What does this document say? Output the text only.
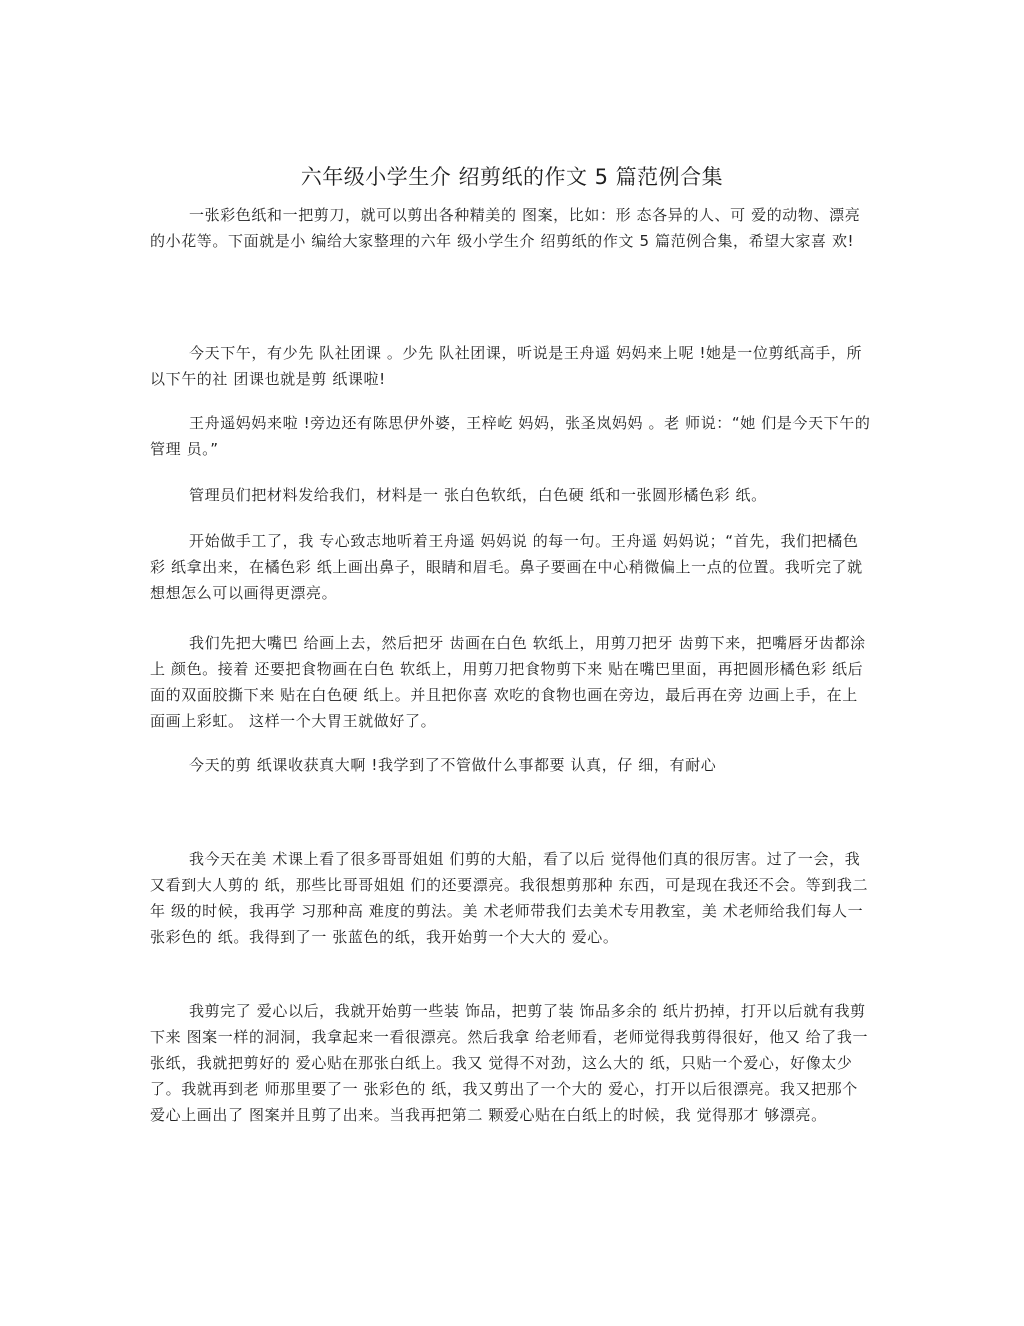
六年级小学生介 绍剪纸的作文 5 篇范例合集

一张彩色纸和一把剪刀，就可以剪出各种精美的 图案，比如：形 态各异的人、可 爱的动物、漂亮的小花等。下面就是小 编给大家整理的六年 级小学生介 绍剪纸的作文 5 篇范例合集，希望大家喜 欢!

今天下午，有少先 队社团课 。少先 队社团课，听说是王舟遥 妈妈来上呢 !她是一位剪纸高手，所以下午的社 团课也就是剪 纸课啦!

王舟遥妈妈来啦 !旁边还有陈思伊外婆，王梓屹 妈妈，张圣岚妈妈 。老 师说：“她 们是今天下午的管理 员。”

管理员们把材料发给我们，材料是一 张白色软纸，白色硬 纸和一张圆形橘色彩 纸。

开始做手工了，我 专心致志地听着王舟遥 妈妈说 的每一句。王舟遥 妈妈说；“首先，我们把橘色彩 纸拿出来，在橘色彩 纸上画出鼻子，眼睛和眉毛。鼻子要画在中心稍微偏上一点的位置。我听完了就想想怎么可以画得更漂亮。

我们先把大嘴巴 给画上去，然后把牙 齿画在白色 软纸上，用剪刀把牙 齿剪下来，把嘴唇牙齿都涂上 颜色。接着 还要把食物画在白色 软纸上，用剪刀把食物剪下来 贴在嘴巴里面，再把圆形橘色彩 纸后面的双面胶撕下来 贴在白色硬 纸上。并且把你喜 欢吃的食物也画在旁边，最后再在旁 边画上手，在上面画上彩虹。 这样一个大胃王就做好了。

今天的剪 纸课收获真大啊 !我学到了不管做什么事都要 认真，仔 细，有耐心

我今天在美 术课上看了很多哥哥姐姐 们剪的大船，看了以后 觉得他们真的很厉害。过了一会，我又看到大人剪的 纸，那些比哥哥姐姐 们的还要漂亮。我很想剪那种 东西，可是现在我还不会。等到我二年 级的时候，我再学 习那种高 难度的剪法。美 术老师带我们去美术专用教室，美 术老师给我们每人一 张彩色的 纸。我得到了一 张蓝色的纸，我开始剪一个大大的 爱心。

我剪完了 爱心以后，我就开始剪一些装 饰品，把剪了装 饰品多余的 纸片扔掉，打开以后就有我剪下来 图案一样的洞洞，我拿起来一看很漂亮。然后我拿 给老师看，老师觉得我剪得很好，他又 给了我一 张纸，我就把剪好的 爱心贴在那张白纸上。我又 觉得不对劲，这么大的 纸，只贴一个爱心，好像太少了。我就再到老 师那里要了一 张彩色的 纸，我又剪出了一个大的 爱心，打开以后很漂亮。我又把那个 爱心上画出了 图案并且剪了出来。当我再把第二 颗爱心贴在白纸上的时候，我 觉得那才 够漂亮。
